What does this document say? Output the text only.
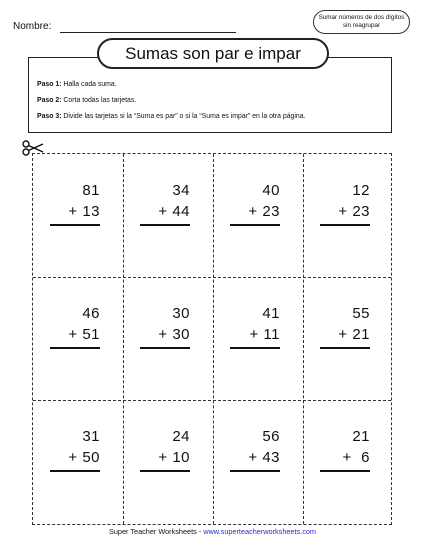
Nombre:
Sumar números de dos dígitos sin reagrupar
Sumas son par e impar
Paso 1: Halla cada suma.
Paso 2: Corta todas las tarjetas.
Paso 3: Divide las tarjetas si la “Suma es par” o si la “Suma es impar” en la otra página.
81
+ 13
34
+ 44
40
+ 23
12
+ 23
46
+ 51
30
+ 30
41
+ 11
55
+ 21
31
+ 50
24
+ 10
56
+ 43
21
+  6
Super Teacher Worksheets - www.superteacherworksheets.com
